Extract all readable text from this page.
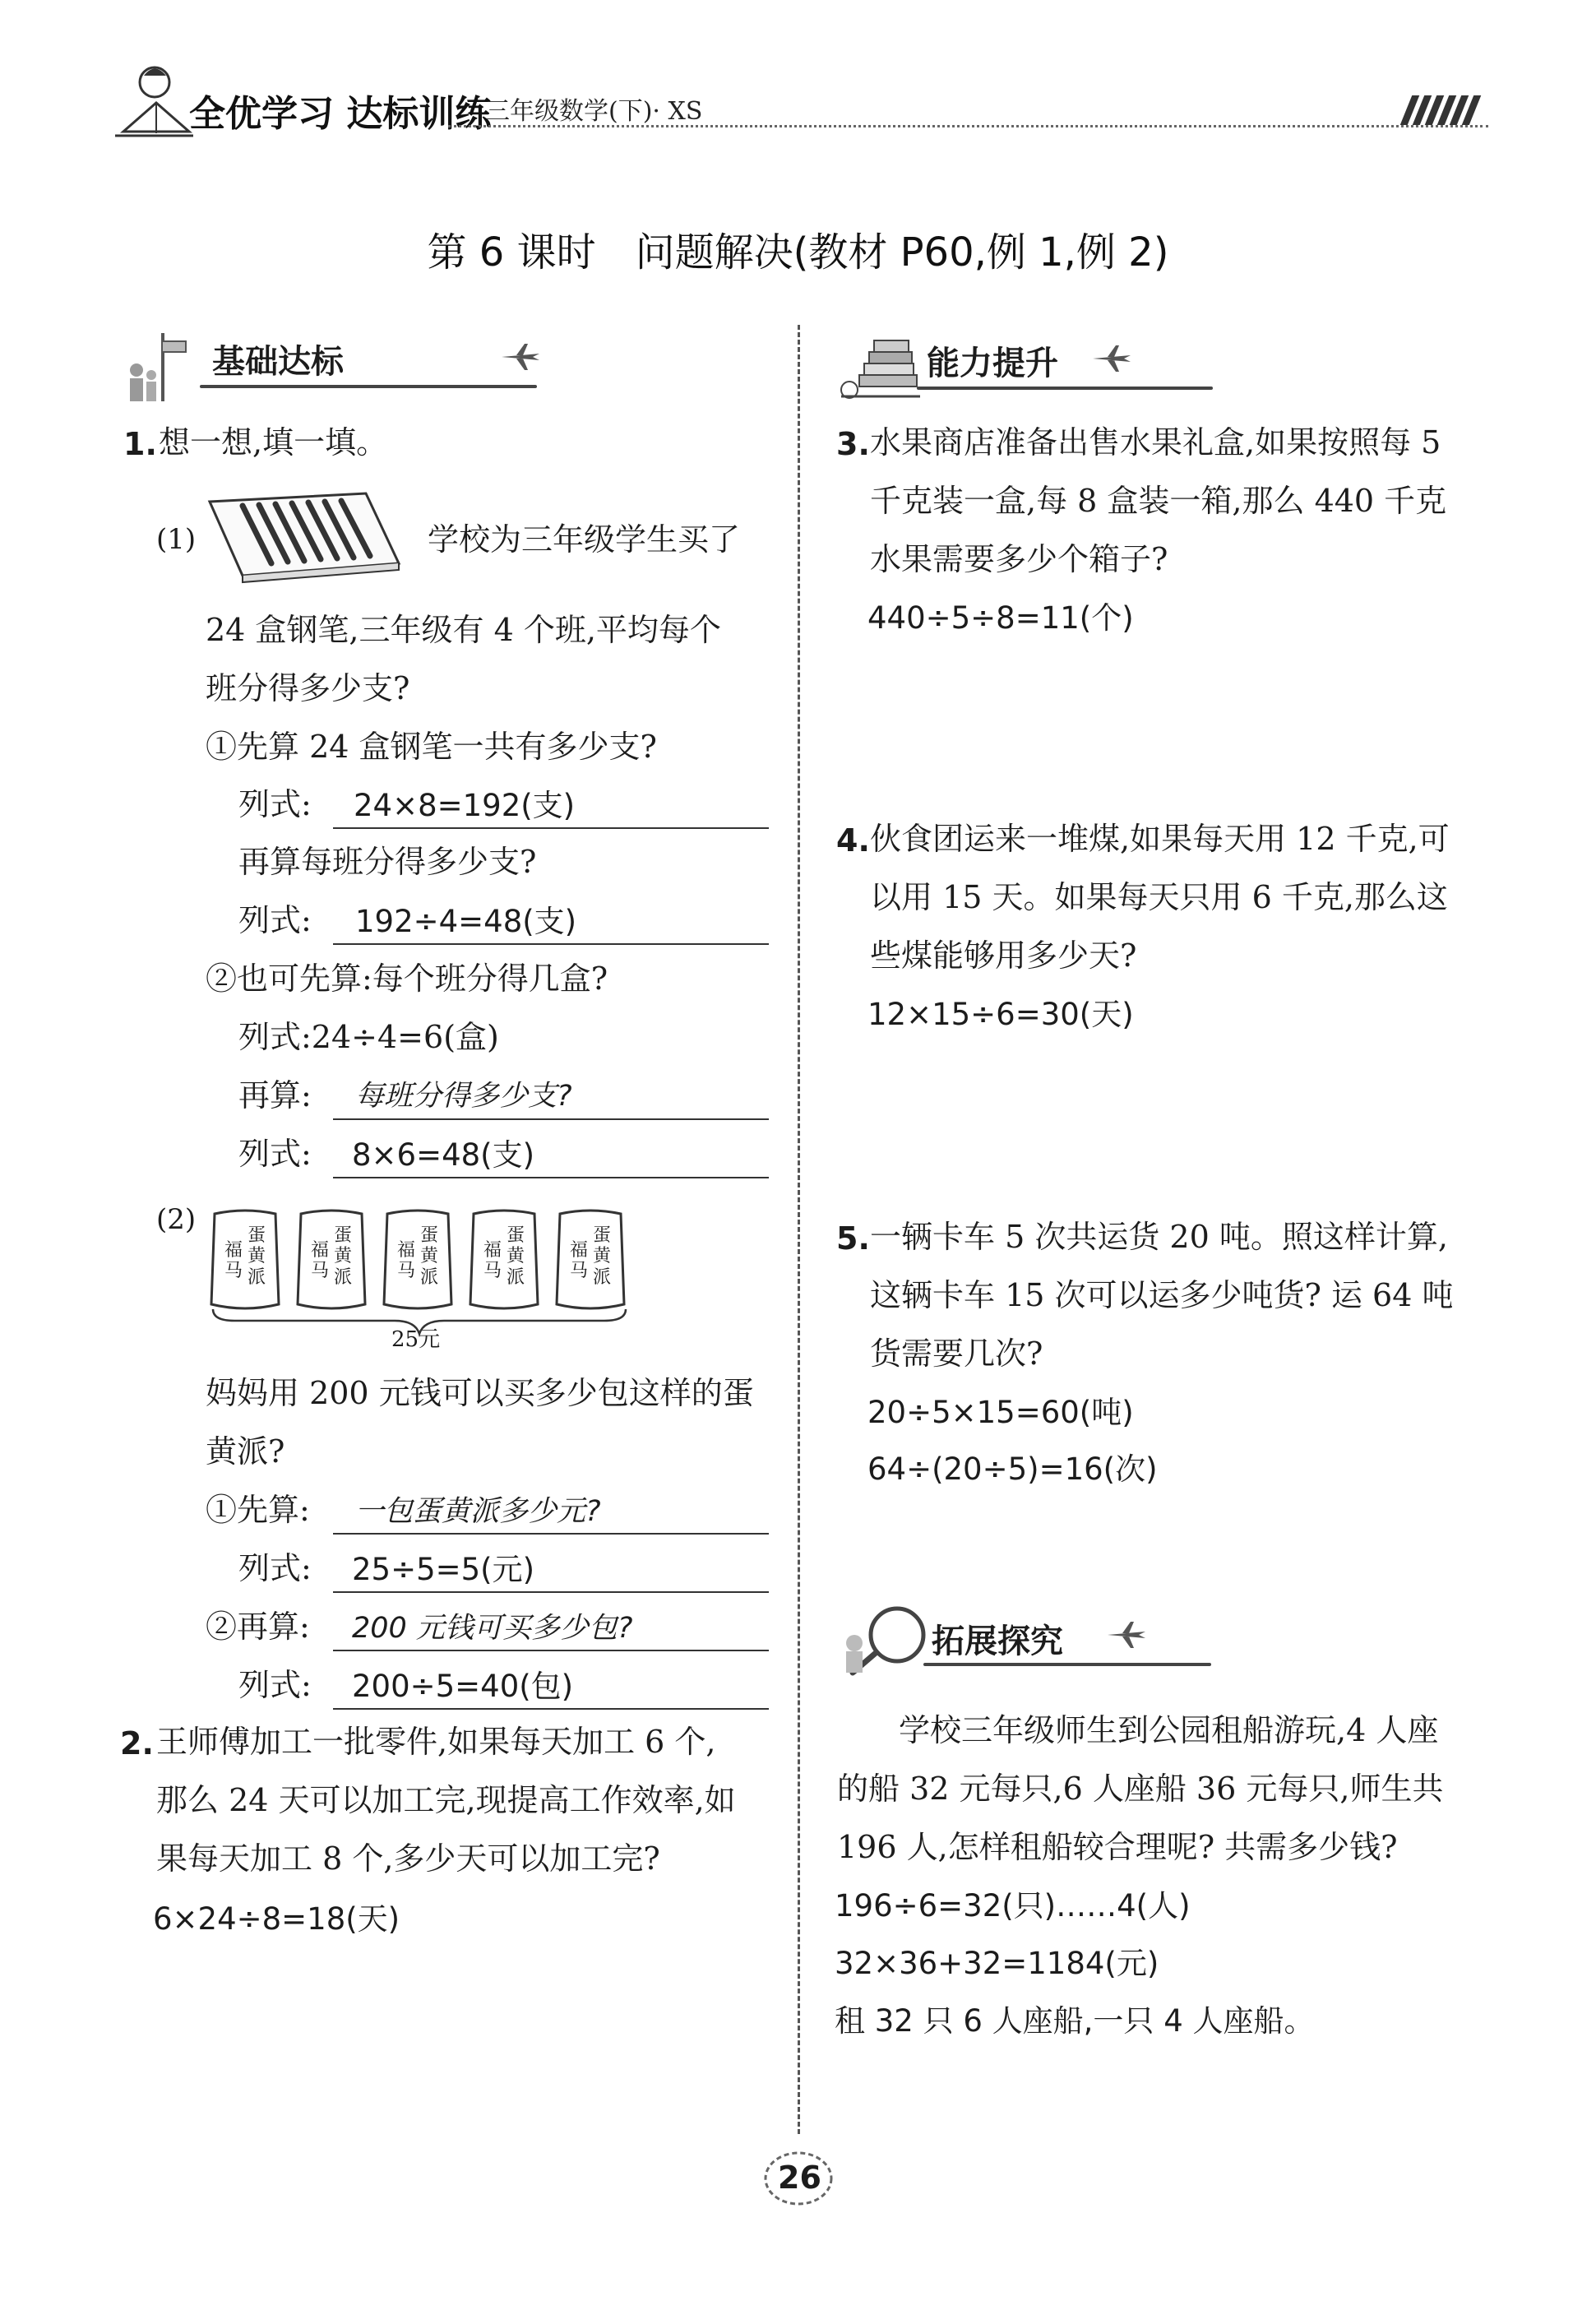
全优学习 达标训练
三年级数学(下)· XS
第 6 课时　问题解决(教材 P60,例 1,例 2)
基础达标
1. 想一想,填一填。
(1)	学校为三年级学生买了
24 盒钢笔,三年级有 4 个班,平均每个
班分得多少支?
①先算 24 盒钢笔一共有多少支?
列式: 24×8=192(支)
再算每班分得多少支?
列式: 192÷4=48(支)
②也可先算:每个班分得几盒?
列式:24÷4=6(盒)
再算: 每班分得多少支?
列式: 8×6=48(支)
(2)	蛋黄派
福马
蛋黄派
福马
蛋黄派
福马
蛋黄派
福马
蛋黄派
福马
25元
妈妈用 200 元钱可以买多少包这样的蛋
黄派?
①先算: 一包蛋黄派多少元?
列式: 25÷5=5(元)
②再算: 200 元钱可买多少包?
列式: 200÷5=40(包)
2. 王师傅加工一批零件,如果每天加工 6 个,
那么 24 天可以加工完,现提高工作效率,如
果每天加工 8 个,多少天可以加工完?
6×24÷8=18(天)
能力提升
3. 水果商店准备出售水果礼盒,如果按照每 5
千克装一盒,每 8 盒装一箱,那么 440 千克
水果需要多少个箱子?
440÷5÷8=11(个)
4. 伙食团运来一堆煤,如果每天用 12 千克,可
以用 15 天。如果每天只用 6 千克,那么这
些煤能够用多少天?
12×15÷6=30(天)
5. 一辆卡车 5 次共运货 20 吨。照这样计算,
这辆卡车 15 次可以运多少吨货? 运 64 吨
货需要几次?
20÷5×15=60(吨)
64÷(20÷5)=16(次)
拓展探究
学校三年级师生到公园租船游玩,4 人座
的船 32 元每只,6 人座船 36 元每只,师生共
196 人,怎样租船较合理呢? 共需多少钱?
196÷6=32(只)……4(人)
32×36+32=1184(元)
租 32 只 6 人座船,一只 4 人座船。
26
